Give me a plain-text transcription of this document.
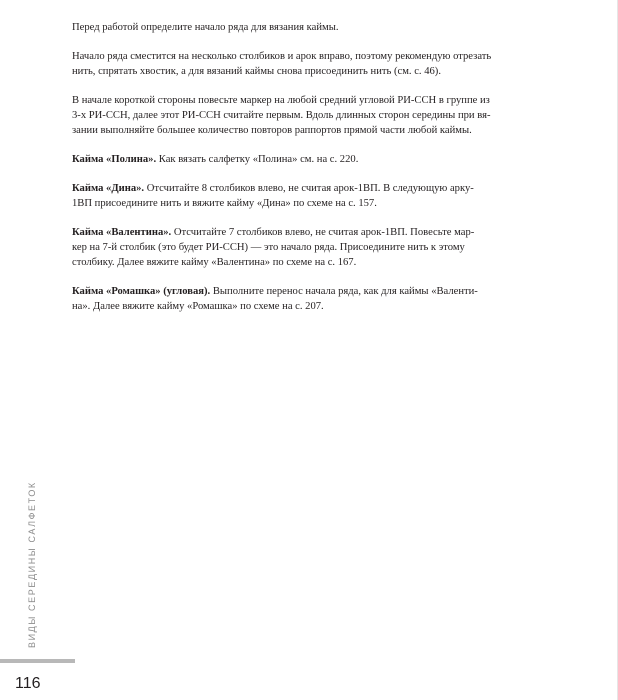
Перед работой определите начало ряда для вязания каймы.

Начало ряда сместится на несколько столбиков и арок вправо, поэтому рекомендую отрезать
нить, спрятать хвостик, а для вязаний каймы снова присоединить нить (см. с. 46).

В начале короткой стороны повесьте маркер на любой средний угловой РИ-ССН в группе из
3-х РИ-ССН, далее этот РИ-ССН считайте первым. Вдоль длинных сторон середины при вя-
зании выполняйте большее количество повторов раппортов прямой части любой каймы.

Кайма «Полина». Как вязать салфетку «Полина» см. на с. 220.

Кайма «Дина». Отсчитайте 8 столбиков влево, не считая арок-1ВП. В следующую арку-
1ВП присоедините нить и вяжите кайму «Дина» по схеме на с. 157.

Кайма «Валентина». Отсчитайте 7 столбиков влево, не считая арок-1ВП. Повесьте мар-
кер на 7-й столбик (это будет РИ-ССН) — это начало ряда. Присоедините нить к этому
столбику. Далее вяжите кайму «Валентина» по схеме на с. 167.

Кайма «Ромашка» (угловая). Выполните перенос начала ряда, как для каймы «Валенти-
на». Далее вяжите кайму «Ромашка» по схеме на с. 207.

ВИДЫ СЕРЕДИНЫ САЛФЕТОК
116
